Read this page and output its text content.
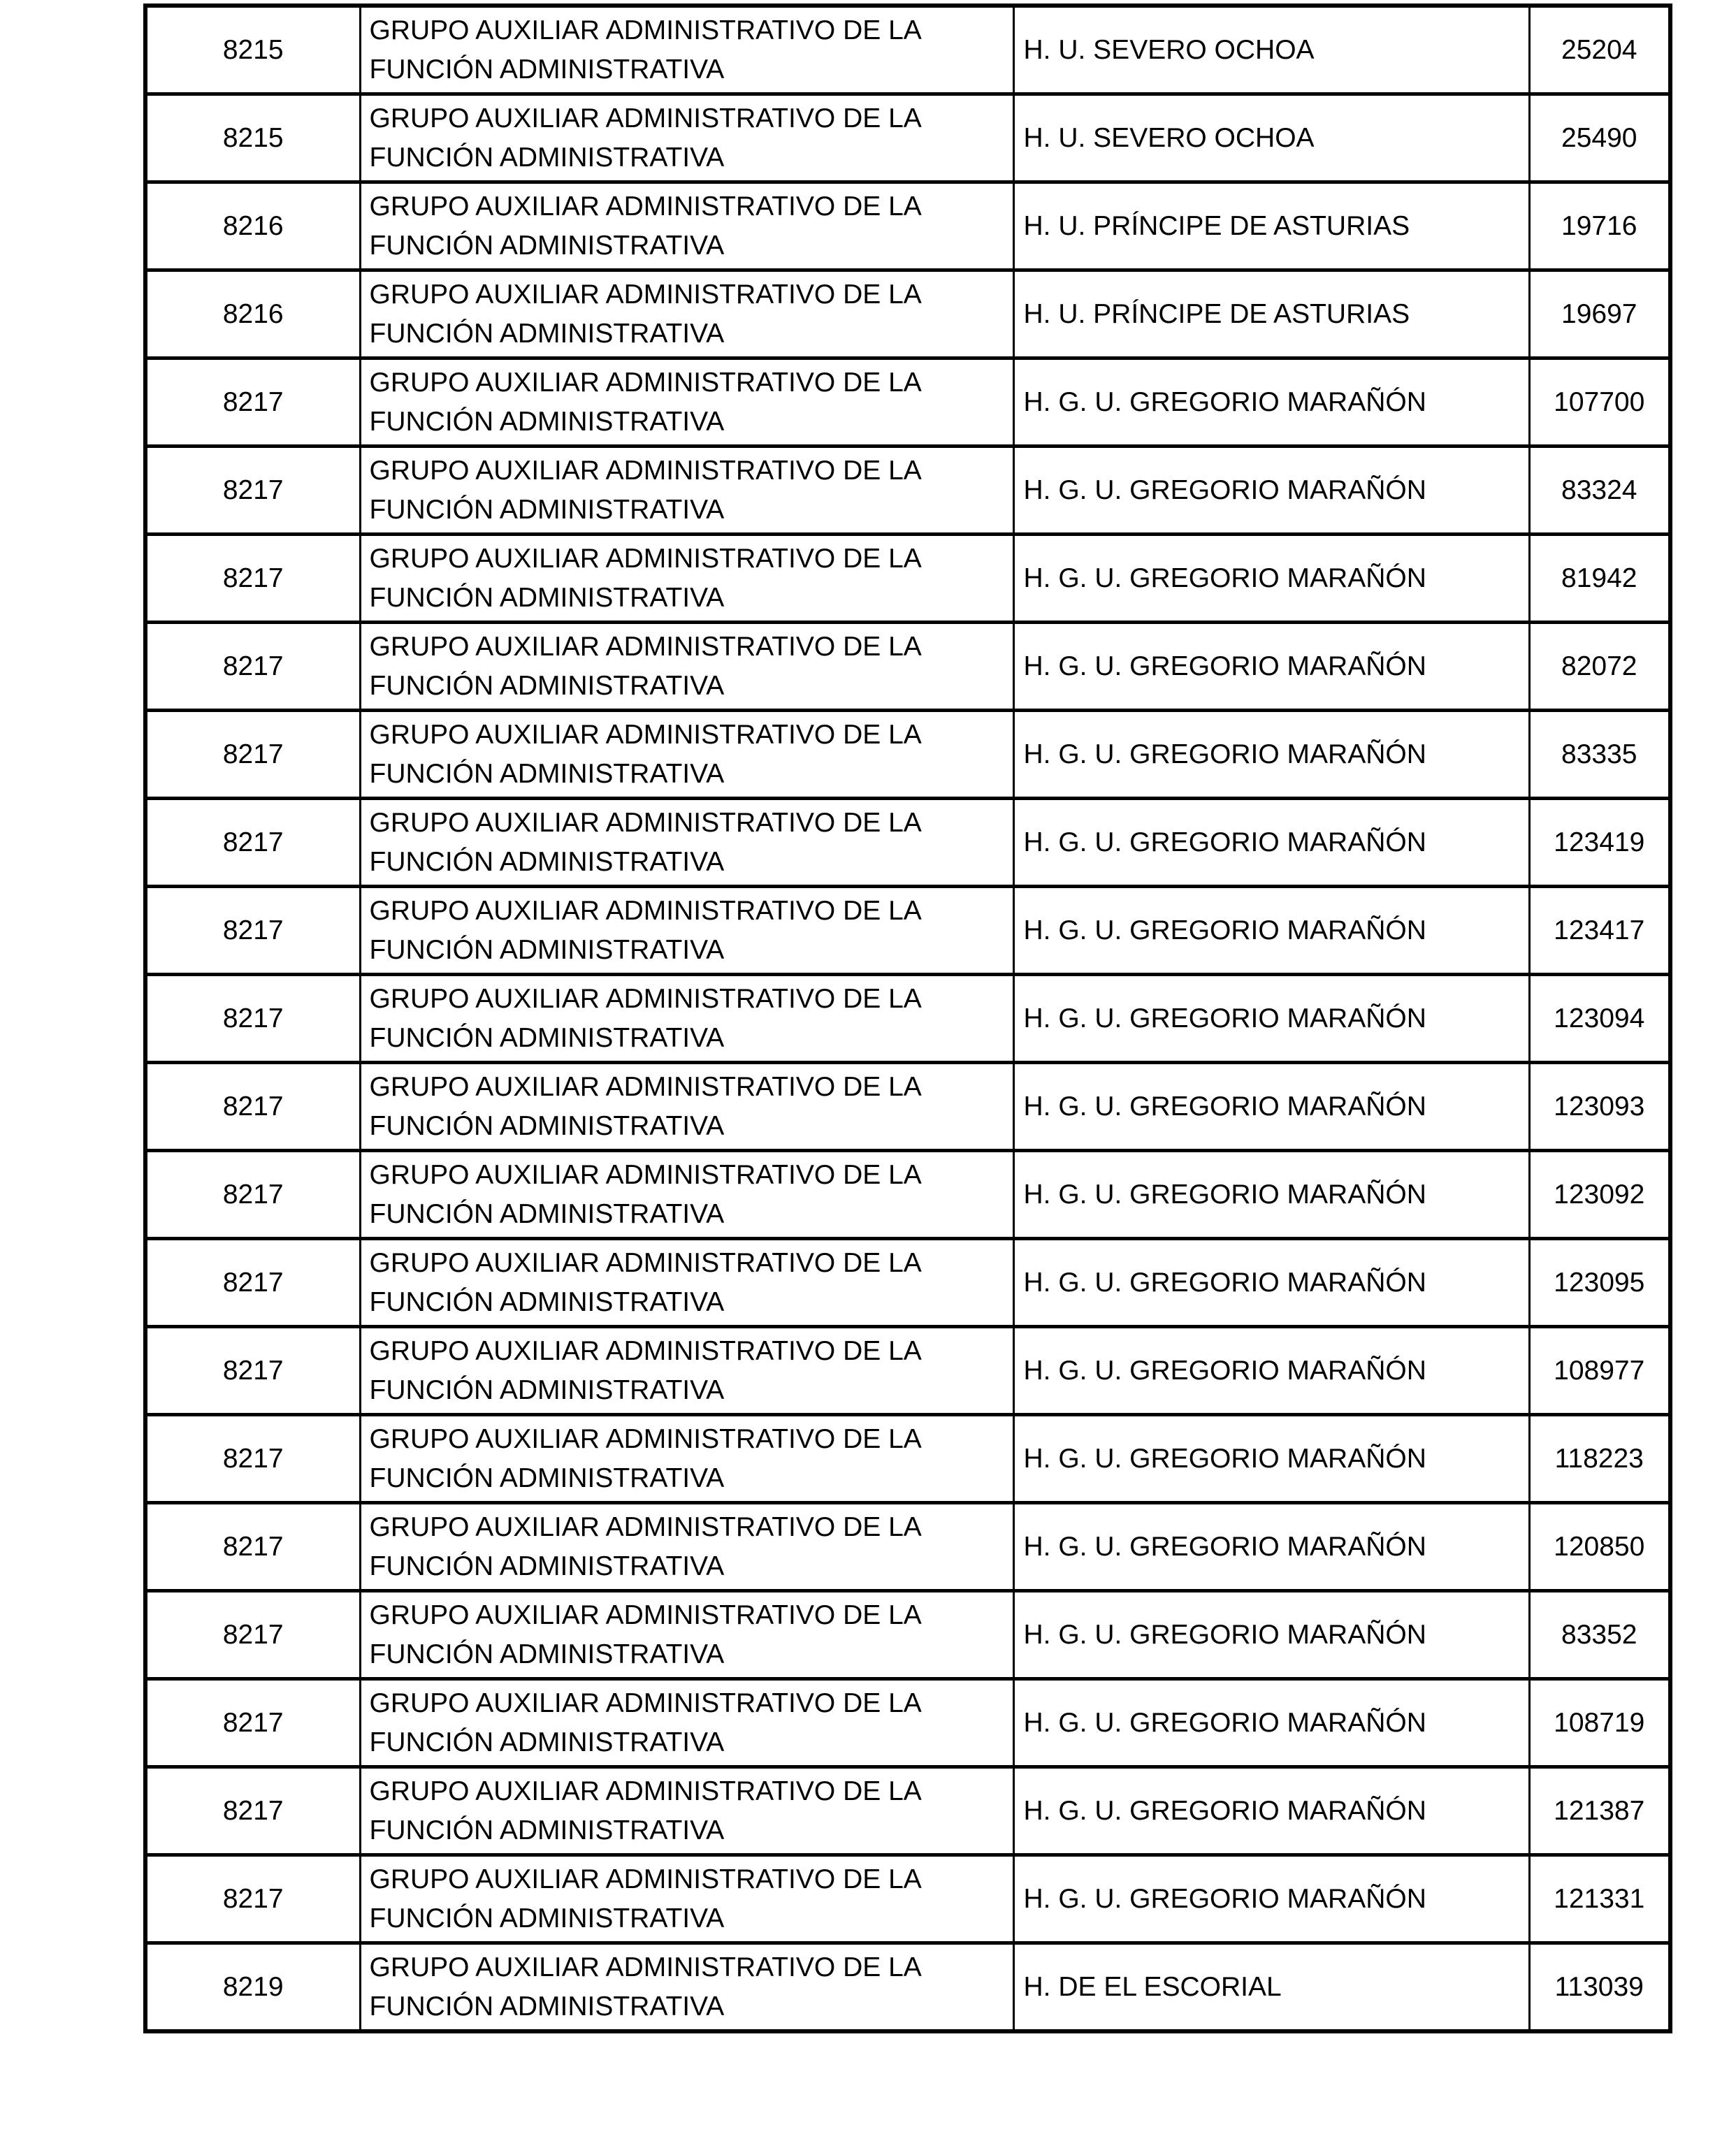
8215	GRUPO AUXILIAR ADMINISTRATIVO DE LA
FUNCIÓN ADMINISTRATIVA	H. U. SEVERO OCHOA	25204
8215	GRUPO AUXILIAR ADMINISTRATIVO DE LA
FUNCIÓN ADMINISTRATIVA	H. U. SEVERO OCHOA	25490
8216	GRUPO AUXILIAR ADMINISTRATIVO DE LA
FUNCIÓN ADMINISTRATIVA	H. U. PRÍNCIPE DE ASTURIAS	19716
8216	GRUPO AUXILIAR ADMINISTRATIVO DE LA
FUNCIÓN ADMINISTRATIVA	H. U. PRÍNCIPE DE ASTURIAS	19697
8217	GRUPO AUXILIAR ADMINISTRATIVO DE LA
FUNCIÓN ADMINISTRATIVA	H. G. U. GREGORIO MARAÑÓN	107700
8217	GRUPO AUXILIAR ADMINISTRATIVO DE LA
FUNCIÓN ADMINISTRATIVA	H. G. U. GREGORIO MARAÑÓN	83324
8217	GRUPO AUXILIAR ADMINISTRATIVO DE LA
FUNCIÓN ADMINISTRATIVA	H. G. U. GREGORIO MARAÑÓN	81942
8217	GRUPO AUXILIAR ADMINISTRATIVO DE LA
FUNCIÓN ADMINISTRATIVA	H. G. U. GREGORIO MARAÑÓN	82072
8217	GRUPO AUXILIAR ADMINISTRATIVO DE LA
FUNCIÓN ADMINISTRATIVA	H. G. U. GREGORIO MARAÑÓN	83335
8217	GRUPO AUXILIAR ADMINISTRATIVO DE LA
FUNCIÓN ADMINISTRATIVA	H. G. U. GREGORIO MARAÑÓN	123419
8217	GRUPO AUXILIAR ADMINISTRATIVO DE LA
FUNCIÓN ADMINISTRATIVA	H. G. U. GREGORIO MARAÑÓN	123417
8217	GRUPO AUXILIAR ADMINISTRATIVO DE LA
FUNCIÓN ADMINISTRATIVA	H. G. U. GREGORIO MARAÑÓN	123094
8217	GRUPO AUXILIAR ADMINISTRATIVO DE LA
FUNCIÓN ADMINISTRATIVA	H. G. U. GREGORIO MARAÑÓN	123093
8217	GRUPO AUXILIAR ADMINISTRATIVO DE LA
FUNCIÓN ADMINISTRATIVA	H. G. U. GREGORIO MARAÑÓN	123092
8217	GRUPO AUXILIAR ADMINISTRATIVO DE LA
FUNCIÓN ADMINISTRATIVA	H. G. U. GREGORIO MARAÑÓN	123095
8217	GRUPO AUXILIAR ADMINISTRATIVO DE LA
FUNCIÓN ADMINISTRATIVA	H. G. U. GREGORIO MARAÑÓN	108977
8217	GRUPO AUXILIAR ADMINISTRATIVO DE LA
FUNCIÓN ADMINISTRATIVA	H. G. U. GREGORIO MARAÑÓN	118223
8217	GRUPO AUXILIAR ADMINISTRATIVO DE LA
FUNCIÓN ADMINISTRATIVA	H. G. U. GREGORIO MARAÑÓN	120850
8217	GRUPO AUXILIAR ADMINISTRATIVO DE LA
FUNCIÓN ADMINISTRATIVA	H. G. U. GREGORIO MARAÑÓN	83352
8217	GRUPO AUXILIAR ADMINISTRATIVO DE LA
FUNCIÓN ADMINISTRATIVA	H. G. U. GREGORIO MARAÑÓN	108719
8217	GRUPO AUXILIAR ADMINISTRATIVO DE LA
FUNCIÓN ADMINISTRATIVA	H. G. U. GREGORIO MARAÑÓN	121387
8217	GRUPO AUXILIAR ADMINISTRATIVO DE LA
FUNCIÓN ADMINISTRATIVA	H. G. U. GREGORIO MARAÑÓN	121331
8219	GRUPO AUXILIAR ADMINISTRATIVO DE LA
FUNCIÓN ADMINISTRATIVA	H. DE EL ESCORIAL	113039
